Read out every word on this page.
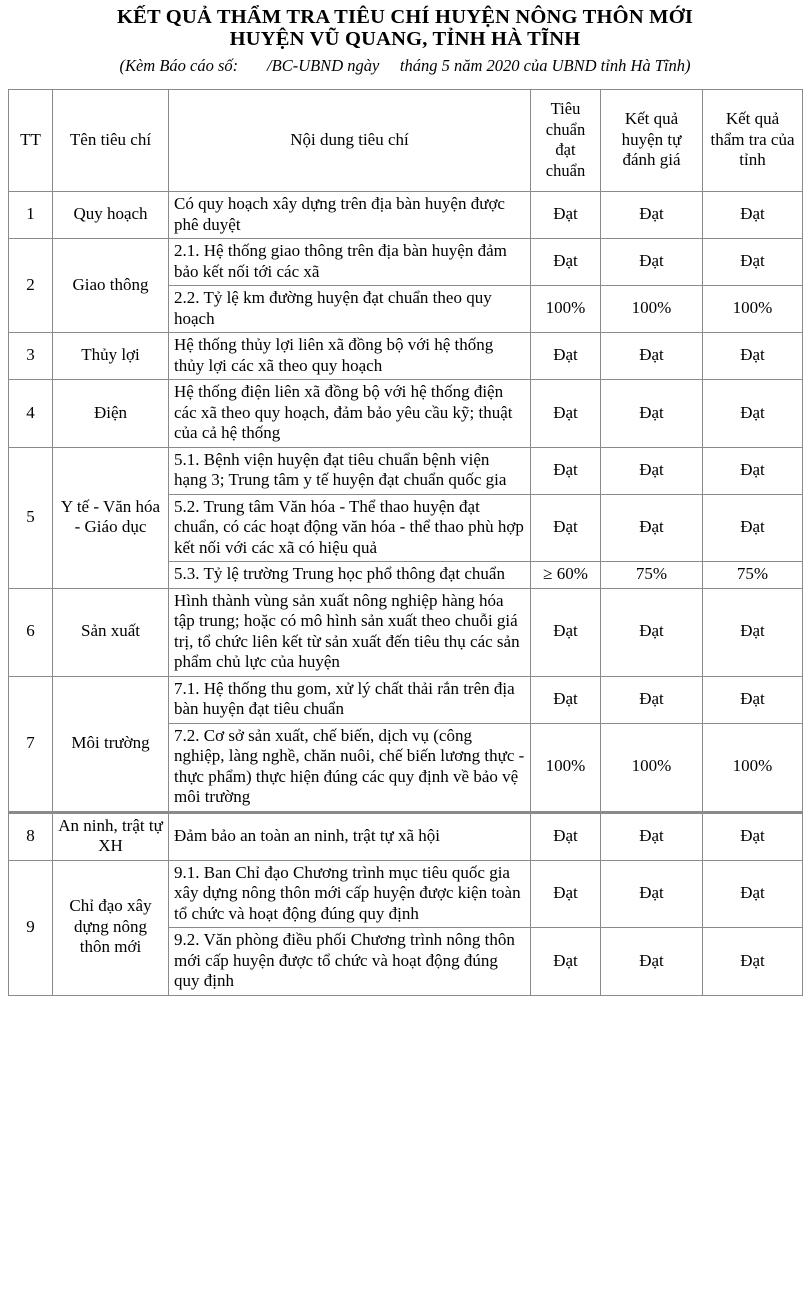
KẾT QUẢ THẨM TRA TIÊU CHÍ HUYỆN NÔNG THÔN MỚI
HUYỆN VŨ QUANG, TỈNH HÀ TĨNH
(Kèm Báo cáo số:       /BC-UBND ngày     tháng 5 năm 2020 của UBND tỉnh Hà Tĩnh)
TT	Tên tiêu chí	Nội dung tiêu chí	Tiêu chuẩn đạt chuẩn	Kết quả huyện tự đánh giá	Kết quả thẩm tra của tỉnh
1	Quy hoạch	Có quy hoạch xây dựng trên địa bàn huyện được phê duyệt	Đạt	Đạt	Đạt
2	Giao thông	2.1. Hệ thống giao thông trên địa bàn huyện đảm bảo kết nối tới các xã	Đạt	Đạt	Đạt
		2.2. Tỷ lệ km đường huyện đạt chuẩn theo quy hoạch	100%	100%	100%
3	Thủy lợi	Hệ thống thủy lợi liên xã đồng bộ với hệ thống thủy lợi các xã theo quy hoạch	Đạt	Đạt	Đạt
4	Điện	Hệ thống điện liên xã đồng bộ với hệ thống điện các xã theo quy hoạch, đảm bảo yêu cầu kỹ; thuật của cả hệ thống	Đạt	Đạt	Đạt
5	Y tế - Văn hóa - Giáo dục	5.1. Bệnh viện huyện đạt tiêu chuẩn bệnh viện hạng 3; Trung tâm y tế huyện đạt chuẩn quốc gia	Đạt	Đạt	Đạt
		5.2. Trung tâm Văn hóa - Thể thao huyện đạt chuẩn, có các hoạt động văn hóa - thể thao phù hợp kết nối với các xã có hiệu quả	Đạt	Đạt	Đạt
		5.3. Tỷ lệ trường Trung học phổ thông đạt chuẩn	≥ 60%	75%	75%
6	Sản xuất	Hình thành vùng sản xuất nông nghiệp hàng hóa tập trung; hoặc có mô hình sản xuất theo chuỗi giá trị, tổ chức liên kết từ sản xuất đến tiêu thụ các sản phẩm chủ lực của huyện	Đạt	Đạt	Đạt
7	Môi trường	7.1. Hệ thống thu gom, xử lý chất thải rắn trên địa bàn huyện đạt tiêu chuẩn	Đạt	Đạt	Đạt
		7.2. Cơ sở sản xuất, chế biến, dịch vụ (công nghiệp, làng nghề, chăn nuôi, chế biến lương thực - thực phẩm) thực hiện đúng các quy định về bảo vệ môi trường	100%	100%	100%
8	An ninh, trật tự XH	Đảm bảo an toàn an ninh, trật tự xã hội	Đạt	Đạt	Đạt
9	Chỉ đạo xây dựng nông thôn mới	9.1. Ban Chỉ đạo Chương trình mục tiêu quốc gia xây dựng nông thôn mới cấp huyện được kiện toàn tổ chức và hoạt động đúng quy định	Đạt	Đạt	Đạt
		9.2. Văn phòng điều phối Chương trình nông thôn mới cấp huyện được tổ chức và hoạt động đúng quy định	Đạt	Đạt	Đạt
